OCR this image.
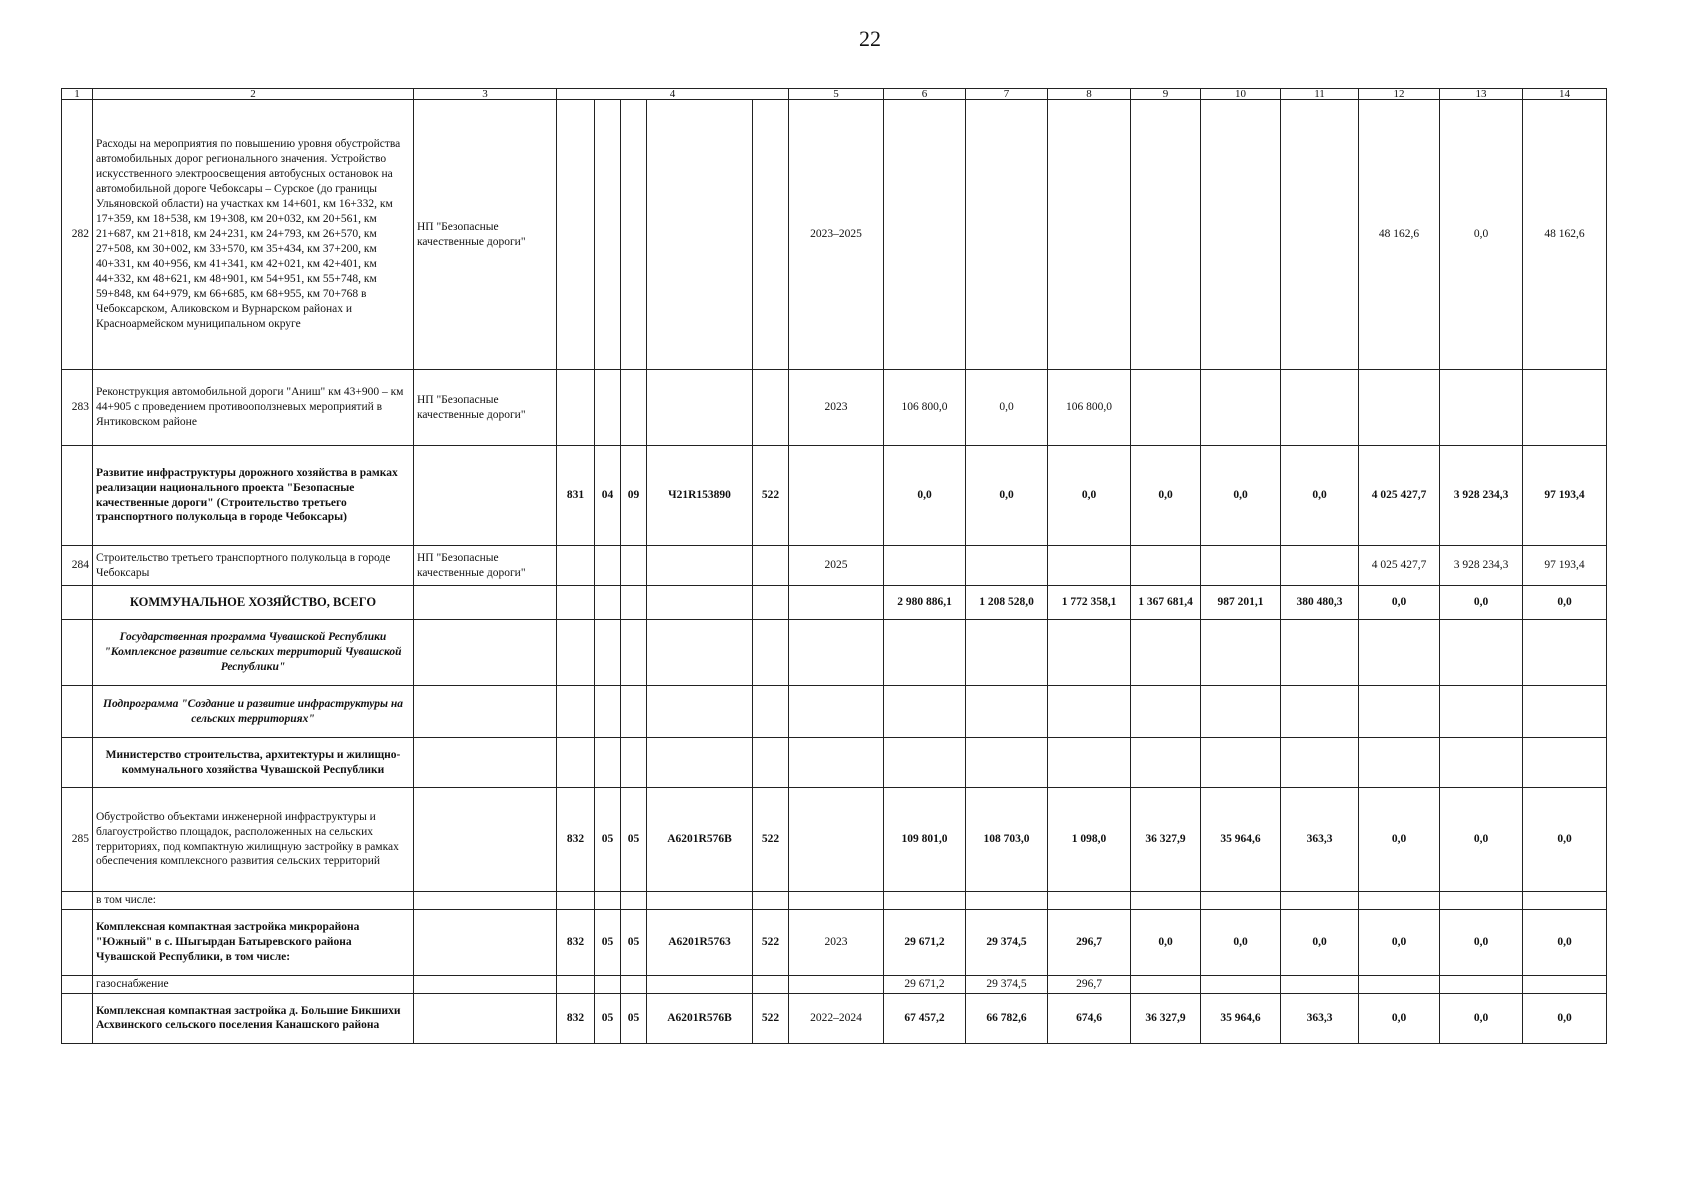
22
1	2	3	4					5	6	7	8	9	10	11	12	13	14
282	Расходы на мероприятия по повышению уровня обустройства автомобильных дорог регионального значения. Устройство искусственного электроосвещения автобусных остановок на автомобильной дороге Чебоксары – Сурское (до границы Ульяновской области) на участках км 14+601, км 16+332, км 17+359, км 18+538, км 19+308, км 20+032, км 20+561, км 21+687, км 21+818, км 24+231, км 24+793, км 26+570, км 27+508, км 30+002, км 33+570, км 35+434, км 37+200, км 40+331, км 40+956, км 41+341, км 42+021, км 42+401, км 44+332, км 48+621, км 48+901, км 54+951, км 55+748, км 59+848, км 64+979, км 66+685, км 68+955, км 70+768 в Чебоксарском, Аликовском и Вурнарском районах и Красноармейском муниципальном округе	НП "Безопасные качественные дороги"						2023–2025							48 162,6	0,0	48 162,6
283	Реконструкция автомобильной дороги "Аниш" км 43+900 – км 44+905 с проведением противооползневых мероприятий в Янтиковском районе	НП "Безопасные качественные дороги"						2023	106 800,0	0,0	106 800,0						
	Развитие инфраструктуры дорожного хозяйства в рамках реализации национального проекта "Безопасные качественные дороги" (Строительство третьего транспортного полукольца в городе Чебоксары)		831	04	09	Ч21R153890	522		0,0	0,0	0,0	0,0	0,0	0,0	4 025 427,7	3 928 234,3	97 193,4
284	Строительство третьего транспортного полукольца в городе Чебоксары	НП "Безопасные качественные дороги"						2025							4 025 427,7	3 928 234,3	97 193,4
	КОММУНАЛЬНОЕ ХОЗЯЙСТВО, ВСЕГО								2 980 886,1	1 208 528,0	1 772 358,1	1 367 681,4	987 201,1	380 480,3	0,0	0,0	0,0
	Государственная программа Чувашской Республики "Комплексное развитие сельских территорий Чувашской Республики"																
	Подпрограмма "Создание и развитие инфраструктуры на сельских территориях"																
	Министерство строительства, архитектуры и жилищно-коммунального хозяйства Чувашской Республики																
285	Обустройство объектами инженерной инфраструктуры и благоустройство площадок, расположенных на сельских территориях, под компактную жилищную застройку в рамках обеспечения комплексного развития сельских территорий		832	05	05	A6201R576B	522		109 801,0	108 703,0	1 098,0	36 327,9	35 964,6	363,3	0,0	0,0	0,0
	в том числе:																
	Комплексная компактная застройка микрорайона "Южный" в с. Шыгырдан Батыревского района Чувашской Республики, в том числе:		832	05	05	A6201R5763	522	2023	29 671,2	29 374,5	296,7	0,0	0,0	0,0	0,0	0,0	0,0
	газоснабжение								29 671,2	29 374,5	296,7						
	Комплексная компактная застройка д. Большие Бикшихи Асхвинского сельского поселения Канашского района		832	05	05	A6201R576B	522	2022–2024	67 457,2	66 782,6	674,6	36 327,9	35 964,6	363,3	0,0	0,0	0,0
